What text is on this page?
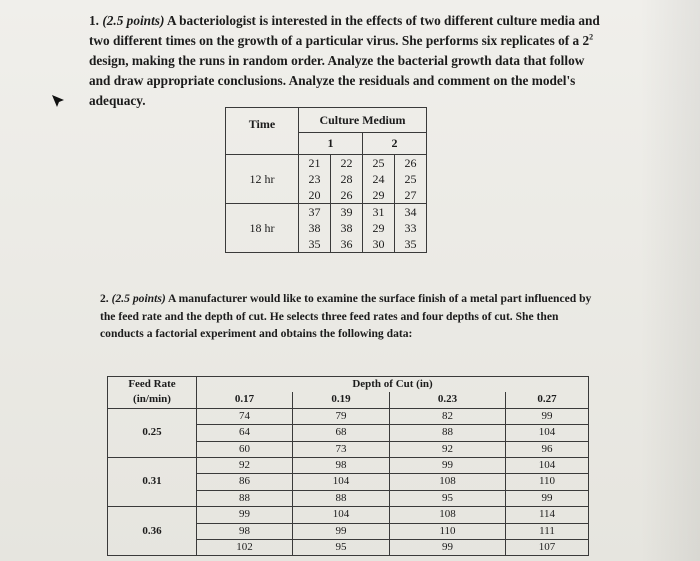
1. (2.5 points) A bacteriologist is interested in the effects of two different culture media and two different times on the growth of a particular virus. She performs six replicates of a $2^2$ design, making the runs in random order. Analyze the bacterial growth data that follow and draw appropriate conclusions. Analyze the residuals and comment on the model's adequacy.
Time	Culture Medium			
	1		2	
	21	22	25	26
12 hr	23	28	24	25
	20	26	29	27
	37	39	31	34
18 hr	38	38	29	33
	35	36	30	35
2. (2.5 points) A manufacturer would like to examine the surface finish of a metal part influenced by the feed rate and the depth of cut. He selects three feed rates and four depths of cut. She then conducts a factorial experiment and obtains the following data:
Feed Rate	Depth of Cut (in)			
(in/min)	0.17	0.19	0.23	0.27
0.25	74	79	82	99
	64	68	88	104
	60	73	92	96
0.31	92	98	99	104
	86	104	108	110
	88	88	95	99
0.36	99	104	108	114
	98	99	110	111
	102	95	99	107
